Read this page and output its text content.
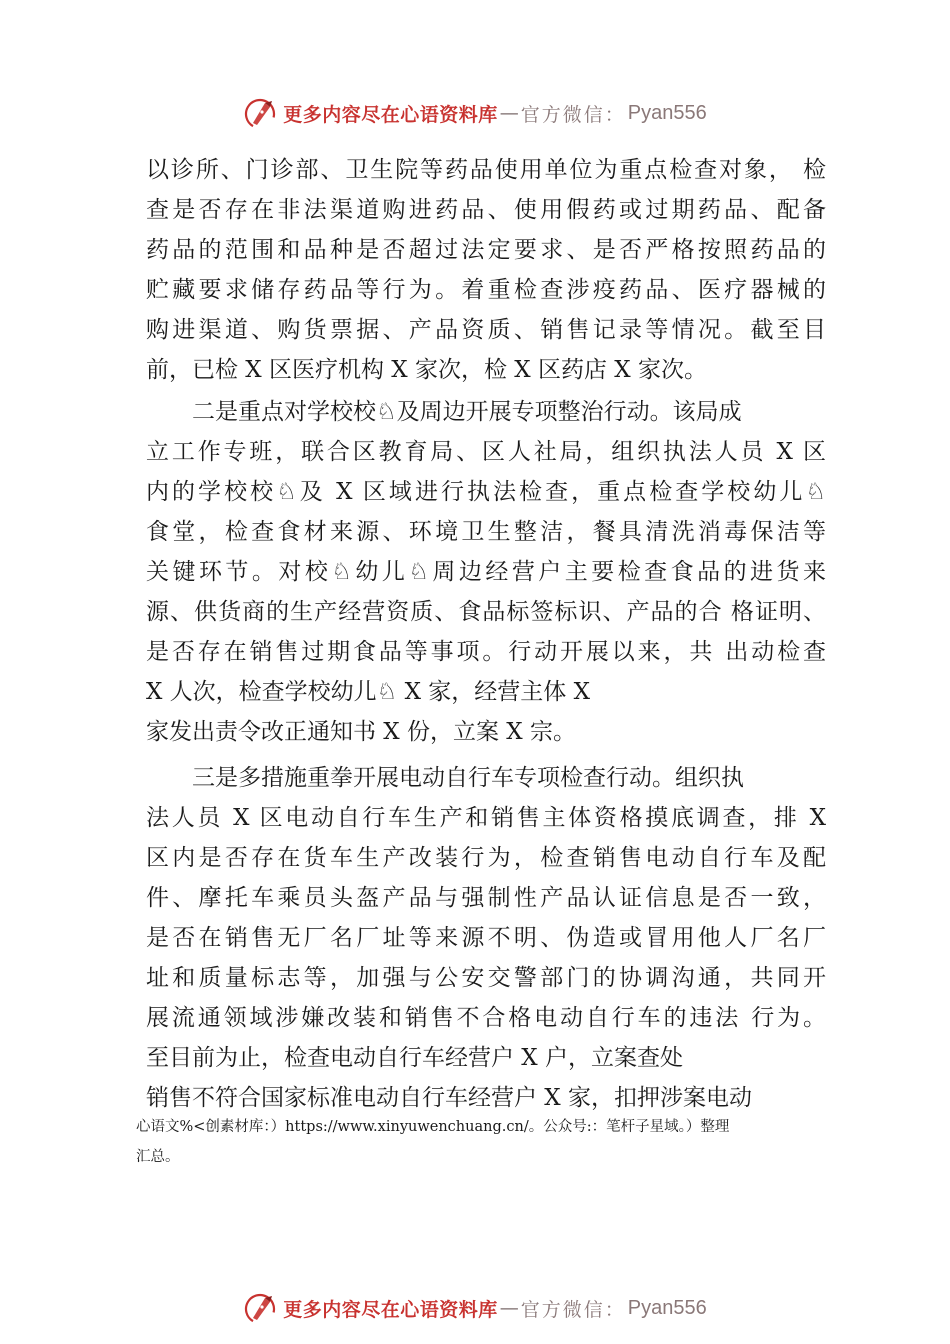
更多内容尽在心语资料库 — 官方微信： Pyan556
以诊所、门诊部、卫生院等药品使用单位为重点检查对象， 检
查是否存在非法渠道购进药品、使用假药或过期药品、配备
药品的范围和品种是否超过法定要求、是否严格按照药品的
贮藏要求储存药品等行为。着重检查涉疫药品、医疗器械的
购进渠道、购货票据、产品资质、销售记录等情况。截至目
前，已检 X 区医疗机构 X 家次，检 X 区药店 X 家次。
二是重点对学校校♘及周边开展专项整治行动。该局成
立工作专班，联合区教育局、区人社局，组织执法人员 X 区
内的学校校♘及 X 区域进行执法检查，重点检查学校幼儿♘
食堂，检查食材来源、环境卫生整洁，餐具清洗消毒保洁等
关键环节。对校♘幼儿♘周边经营户主要检查食品的进货来
源、供货商的生产经营资质、食品标签标识、产品的合 格证明、
是否存在销售过期食品等事项。行动开展以来，共 出动检查
X 人次，检查学校幼儿♘ X 家，经营主体 X
家发出责令改正通知书 X 份，立案 X 宗。
三是多措施重拳开展电动自行车专项检查行动。组织执
法人员 X 区电动自行车生产和销售主体资格摸底调查，排 X
区内是否存在货车生产改装行为，检查销售电动自行车及配
件、摩托车乘员头盔产品与强制性产品认证信息是否一致，
是否在销售无厂名厂址等来源不明、伪造或冒用他人厂名厂
址和质量标志等，加强与公安交警部门的协调沟通，共同开
展流通领域涉嫌改装和销售不合格电动自行车的违法 行为。
至目前为止，检查电动自行车经营户 X 户，立案查处
销售不符合国家标准电动自行车经营户 X 家，扣押涉案电动
心语文%<创素材库：）https://www.xinyuwenchuang.cn/。公众号:：笔杆子星域。）整理
汇总。
更多内容尽在心语资料库 — 官方微信： Pyan556
